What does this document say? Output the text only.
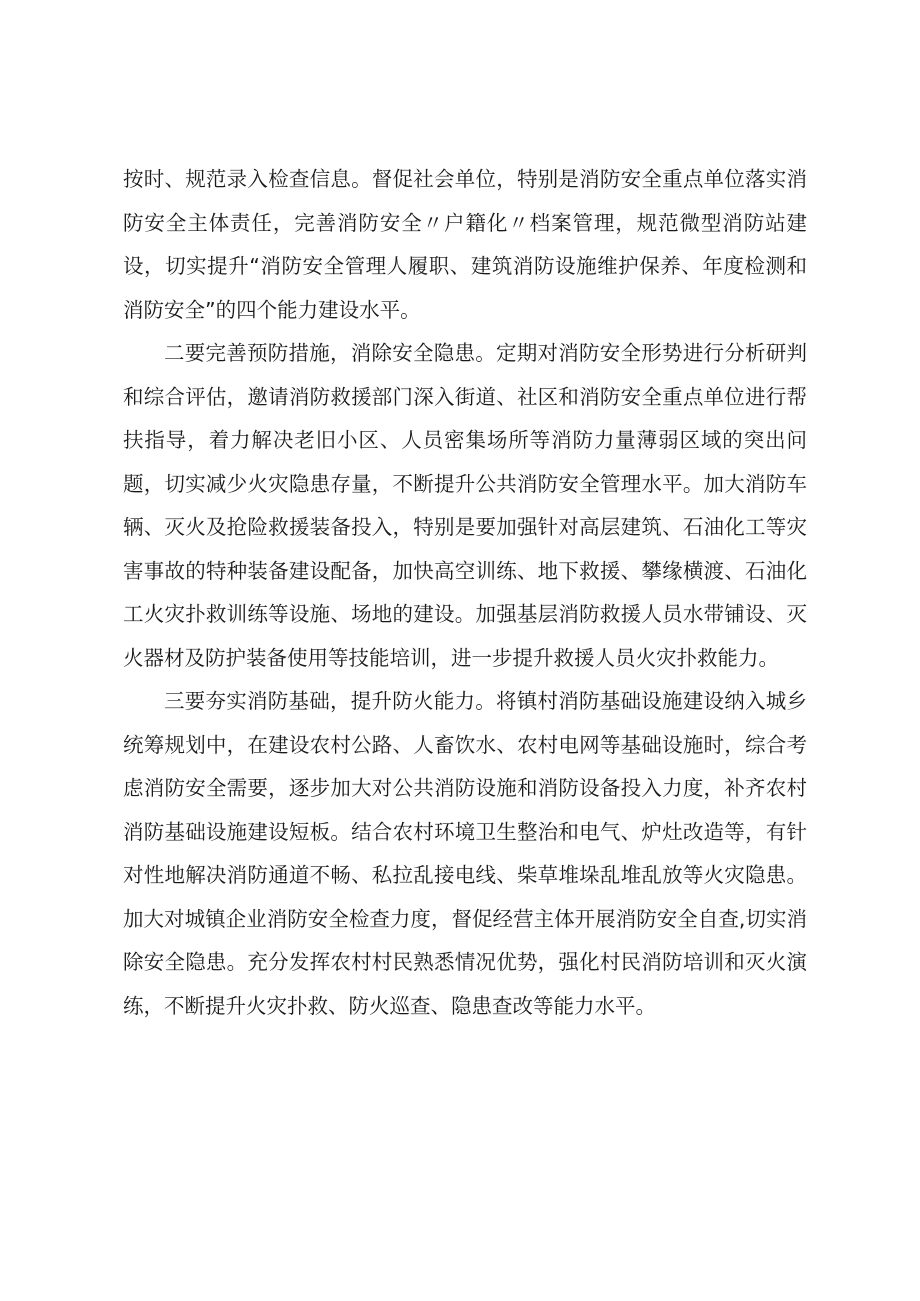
按时、规范录入检查信息。督促社会单位，特别是消防安全重点单位落实消防安全主体责任，完善消防安全〃户籍化〃档案管理，规范微型消防站建设，切实提升“消防安全管理人履职、建筑消防设施维护保养、年度检测和消防安全”的四个能力建设水平。

二要完善预防措施，消除安全隐患。定期对消防安全形势进行分析研判和综合评估，邀请消防救援部门深入街道、社区和消防安全重点单位进行帮扶指导，着力解决老旧小区、人员密集场所等消防力量薄弱区域的突出问题，切实减少火灾隐患存量，不断提升公共消防安全管理水平。加大消防车辆、灭火及抢险救援装备投入，特别是要加强针对高层建筑、石油化工等灾害事故的特种装备建设配备，加快高空训练、地下救援、攀缘横渡、石油化工火灾扑救训练等设施、场地的建设。加强基层消防救援人员水带铺设、灭火器材及防护装备使用等技能培训，进一步提升救援人员火灾扑救能力。

三要夯实消防基础，提升防火能力。将镇村消防基础设施建设纳入城乡统筹规划中，在建设农村公路、人畜饮水、农村电网等基础设施时，综合考虑消防安全需要，逐步加大对公共消防设施和消防设备投入力度，补齐农村消防基础设施建设短板。结合农村环境卫生整治和电气、炉灶改造等，有针对性地解决消防通道不畅、私拉乱接电线、柴草堆垛乱堆乱放等火灾隐患。加大对城镇企业消防安全检查力度，督促经营主体开展消防安全自查,切实消除安全隐患。充分发挥农村村民熟悉情况优势，强化村民消防培训和灭火演练，不断提升火灾扑救、防火巡查、隐患查改等能力水平。
